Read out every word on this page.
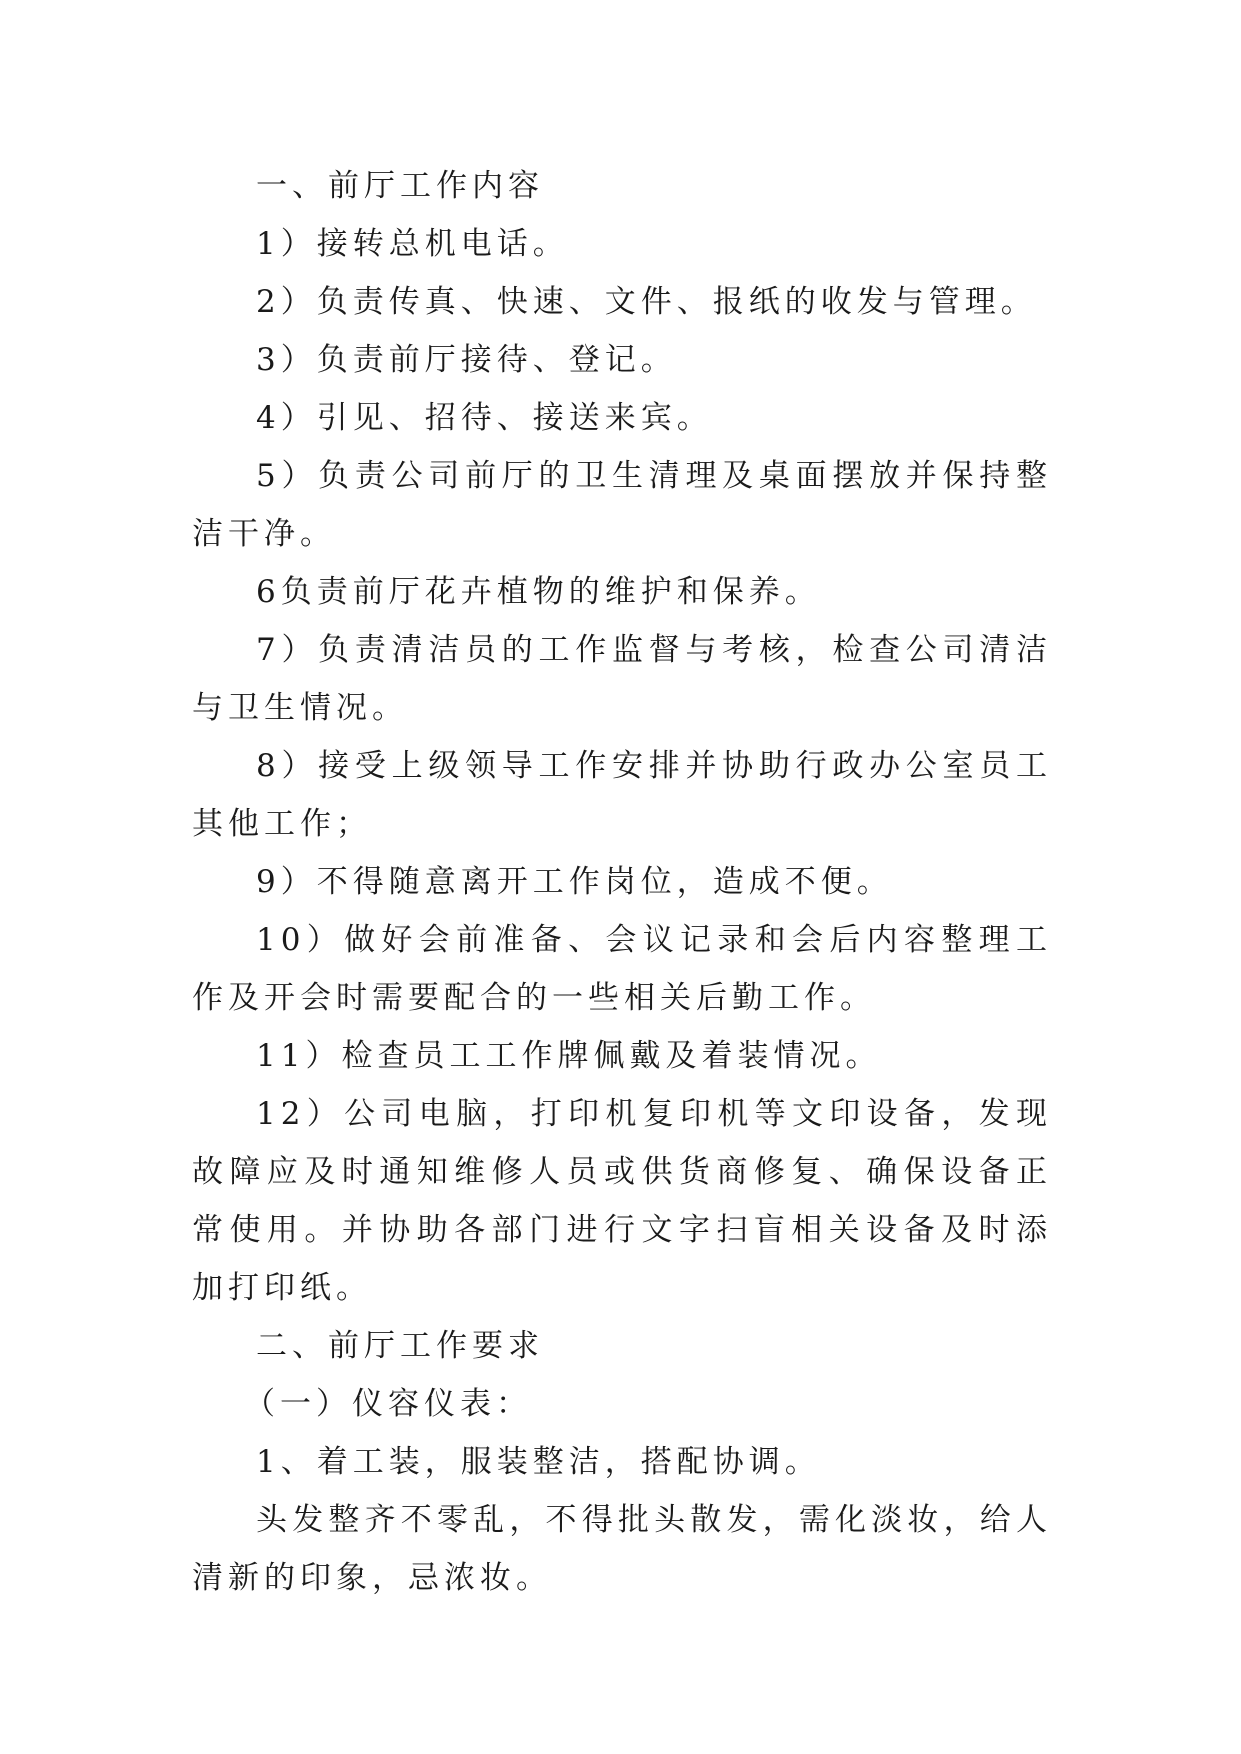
一、前厅工作内容

1）接转总机电话。

2）负责传真、快速、文件、报纸的收发与管理。

3）负责前厅接待、登记。

4）引见、招待、接送来宾。

5）负责公司前厅的卫生清理及桌面摆放并保持整洁干净。

6负责前厅花卉植物的维护和保养。

7）负责清洁员的工作监督与考核，检查公司清洁与卫生情况。

8）接受上级领导工作安排并协助行政办公室员工其他工作；

9）不得随意离开工作岗位，造成不便。

10）做好会前准备、会议记录和会后内容整理工作及开会时需要配合的一些相关后勤工作。

11）检查员工工作牌佩戴及着装情况。

12）公司电脑，打印机复印机等文印设备，发现故障应及时通知维修人员或供货商修复、确保设备正常使用。并协助各部门进行文字扫盲相关设备及时添加打印纸。

二、前厅工作要求

（一）仪容仪表：

1、着工装，服装整洁，搭配协调。

头发整齐不零乱，不得批头散发，需化淡妆，给人清新的印象，忌浓妆。
